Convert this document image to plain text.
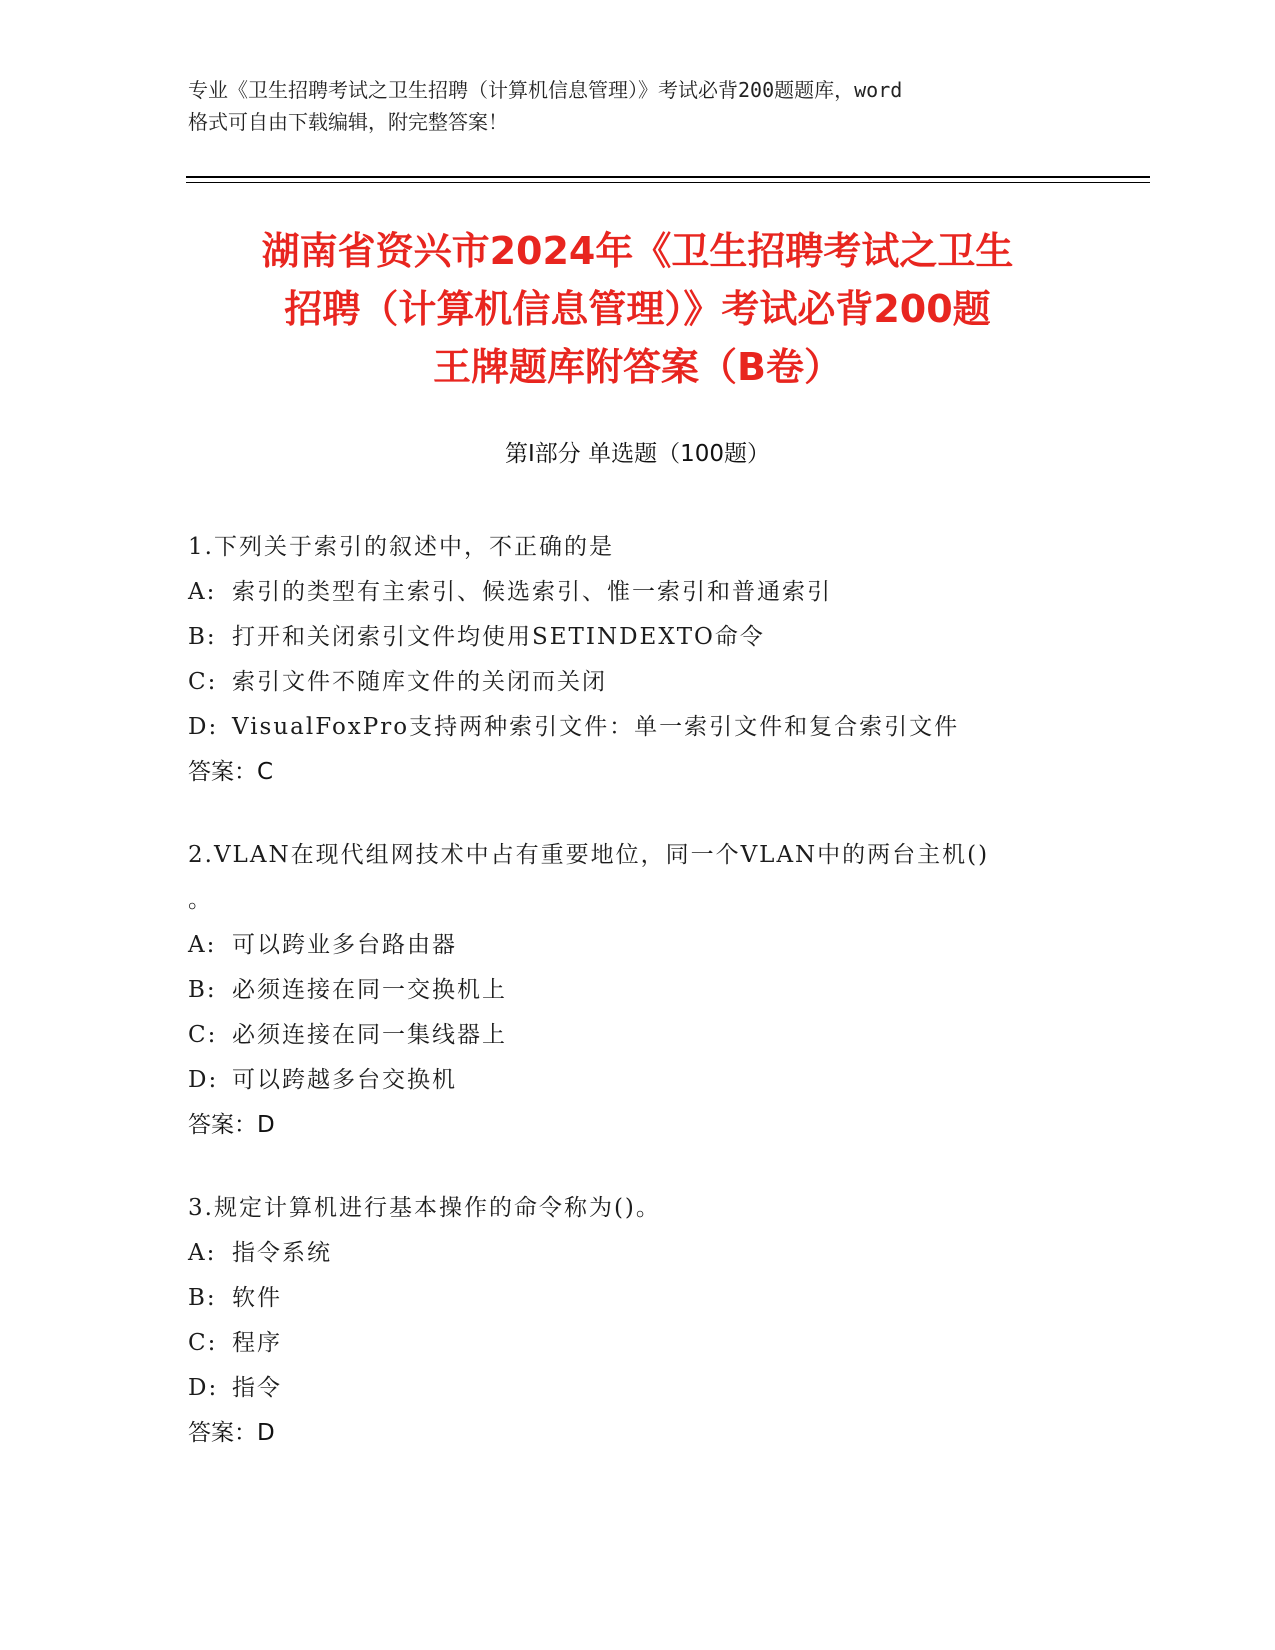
专业《卫生招聘考试之卫生招聘（计算机信息管理）》考试必背200题题库，word
格式可自由下载编辑，附完整答案！
湖南省资兴市2024年《卫生招聘考试之卫生
招聘（计算机信息管理）》考试必背200题
王牌题库附答案（B卷）
第Ⅰ部分 单选题（100题）
1.下列关于索引的叙述中，不正确的是
A: 索引的类型有主索引、候选索引、惟一索引和普通索引
B: 打开和关闭索引文件均使用SETINDEXTO命令
C: 索引文件不随库文件的关闭而关闭
D: VisualFoxPro支持两种索引文件：单一索引文件和复合索引文件
答案：C
2.VLAN在现代组网技术中占有重要地位，同一个VLAN中的两台主机()
。
A: 可以跨业多台路由器
B: 必须连接在同一交换机上
C: 必须连接在同一集线器上
D: 可以跨越多台交换机
答案：D
3.规定计算机进行基本操作的命令称为()。
A: 指令系统
B: 软件
C: 程序
D: 指令
答案：D
